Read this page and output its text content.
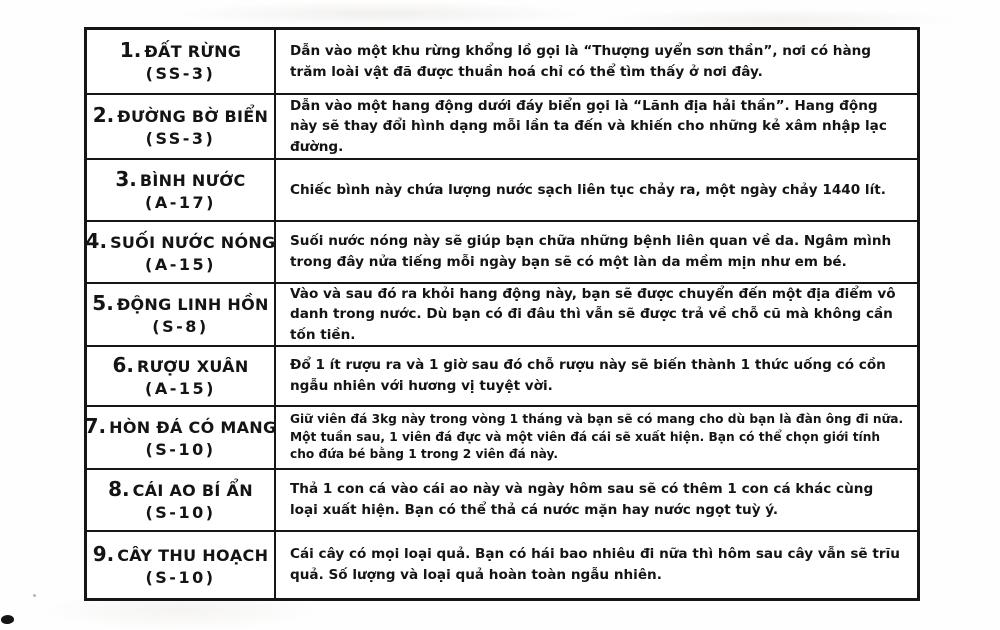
1. ĐẤT RỪNG
(SS-3)
Dẫn vào một khu rừng khổng lồ gọi là “Thượng uyển sơn thần”, nơi có hàng trăm loài vật đã được thuần hoá chỉ có thể tìm thấy ở nơi đây.
2. ĐƯỜNG BỜ BIỂN
(SS-3)
Dẫn vào một hang động dưới đáy biển gọi là “Lãnh địa hải thần”. Hang động này sẽ thay đổi hình dạng mỗi lần ta đến và khiến cho những kẻ xâm nhập lạc đường.
3. BÌNH NƯỚC
(A-17)
Chiếc bình này chứa lượng nước sạch liên tục chảy ra, một ngày chảy 1440 lít.
4. SUỐI NƯỚC NÓNG
(A-15)
Suối nước nóng này sẽ giúp bạn chữa những bệnh liên quan về da. Ngâm mình trong đây nửa tiếng mỗi ngày bạn sẽ có một làn da mềm mịn như em bé.
5. ĐỘNG LINH HỒN
(S-8)
Vào và sau đó ra khỏi hang động này, bạn sẽ được chuyển đến một địa điểm vô danh trong nước. Dù bạn có đi đâu thì vẫn sẽ được trả về chỗ cũ mà không cần tốn tiền.
6. RƯỢU XUÂN
(A-15)
Đổ 1 ít rượu ra và 1 giờ sau đó chỗ rượu này sẽ biến thành 1 thức uống có cồn ngẫu nhiên với hương vị tuyệt vời.
7. HÒN ĐÁ CÓ MANG
(S-10)
Giữ viên đá 3kg này trong vòng 1 tháng và bạn sẽ có mang cho dù bạn là đàn ông đi nữa. Một tuần sau, 1 viên đá đực và một viên đá cái sẽ xuất hiện. Bạn có thể chọn giới tính cho đứa bé bằng 1 trong 2 viên đá này.
8. CÁI AO BÍ ẨN
(S-10)
Thả 1 con cá vào cái ao này và ngày hôm sau sẽ có thêm 1 con cá khác cùng loại xuất hiện. Bạn có thể thả cá nước mặn hay nước ngọt tuỳ ý.
9. CÂY THU HOẠCH
(S-10)
Cái cây có mọi loại quả. Bạn có hái bao nhiêu đi nữa thì hôm sau cây vẫn sẽ trĩu quả. Số lượng và loại quả hoàn toàn ngẫu nhiên.
